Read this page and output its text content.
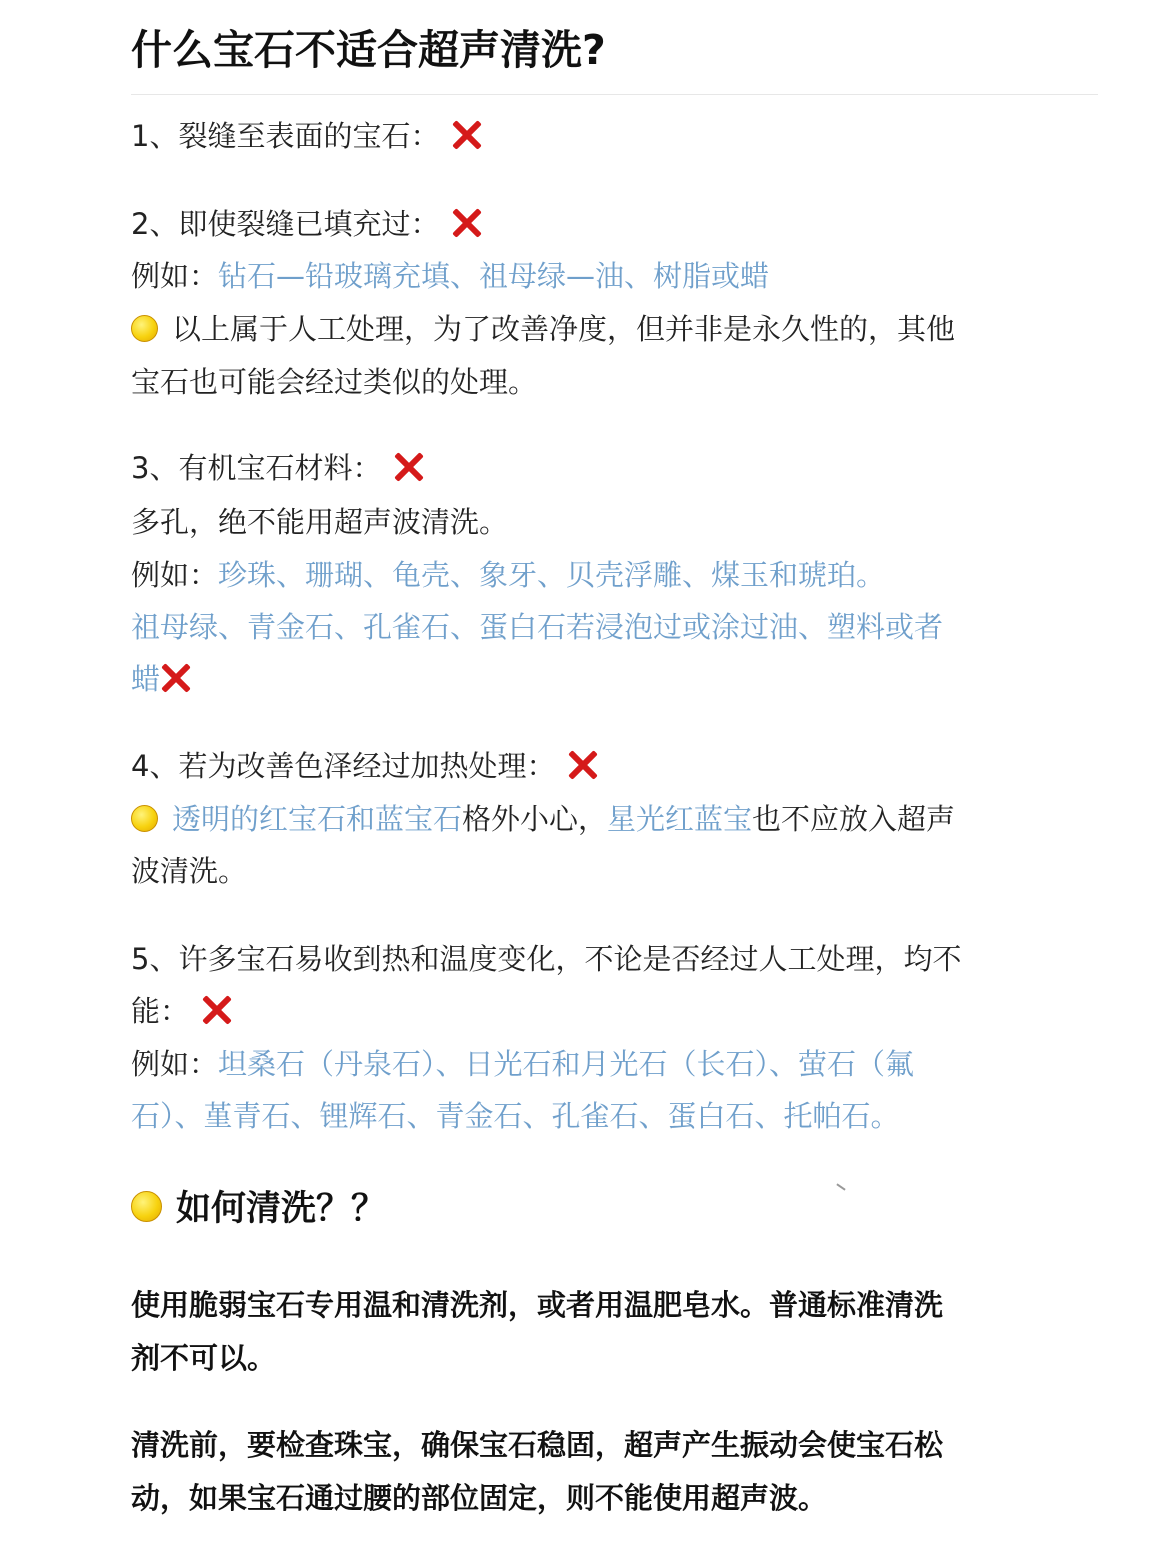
什么宝石不适合超声清洗?
1、裂缝至表面的宝石：
2、即使裂缝已填充过：
例如：钻石—铅玻璃充填、祖母绿—油、树脂或蜡
以上属于人工处理，为了改善净度，但并非是永久性的，其他
宝石也可能会经过类似的处理。
3、有机宝石材料：
多孔，绝不能用超声波清洗。
例如：珍珠、珊瑚、龟壳、象牙、贝壳浮雕、煤玉和琥珀。
祖母绿、青金石、孔雀石、蛋白石若浸泡过或涂过油、塑料或者
蜡
4、若为改善色泽经过加热处理：
透明的红宝石和蓝宝石格外小心，星光红蓝宝也不应放入超声
波清洗。
5、许多宝石易收到热和温度变化，不论是否经过人工处理，均不
能：
例如：坦桑石（丹泉石）、日光石和月光石（长石）、萤石（氟
石）、堇青石、锂辉石、青金石、孔雀石、蛋白石、托帕石。
如何清洗？？
使用脆弱宝石专用温和清洗剂，或者用温肥皂水。普通标准清洗
剂不可以。
清洗前，要检查珠宝，确保宝石稳固，超声产生振动会使宝石松
动，如果宝石通过腰的部位固定，则不能使用超声波。
